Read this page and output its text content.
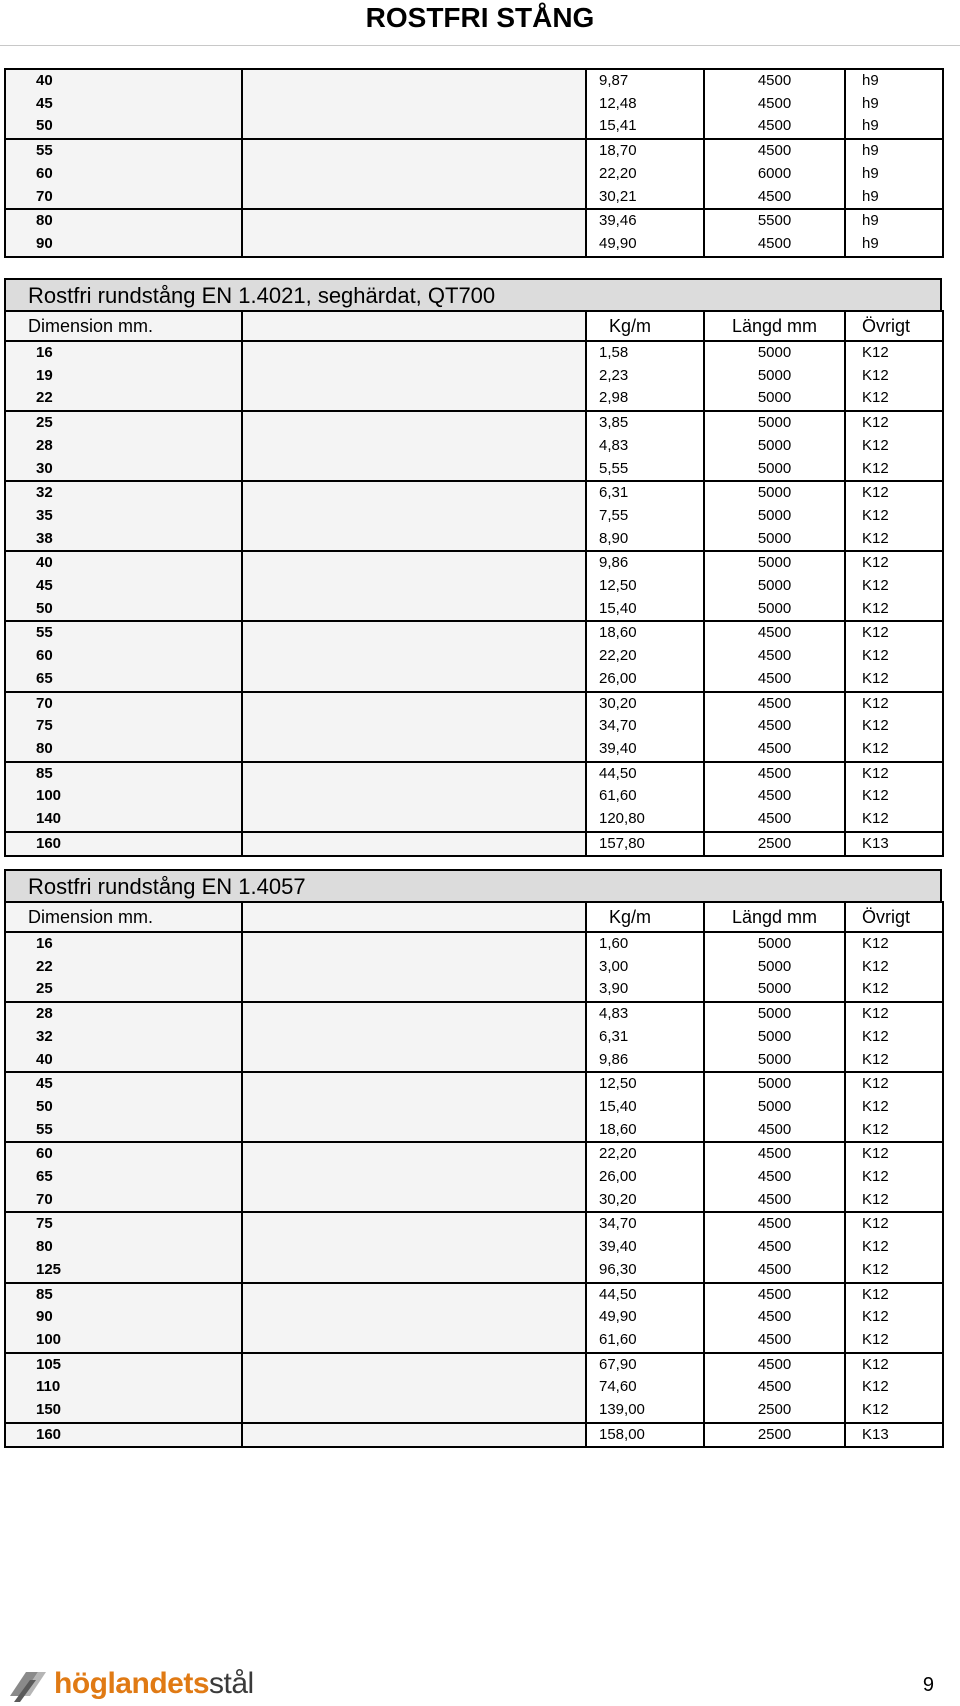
ROSTFRI STÅNG
40		9,87	4500	h9
45		12,48	4500	h9
50		15,41	4500	h9
55		18,70	4500	h9
60		22,20	6000	h9
70		30,21	4500	h9
80		39,46	5500	h9
90		49,90	4500	h9
Rostfri rundstång EN 1.4021, seghärdat, QT700
Dimension mm.		Kg/m	Längd mm	Övrigt
16		1,58	5000	K12
19		2,23	5000	K12
22		2,98	5000	K12
25		3,85	5000	K12
28		4,83	5000	K12
30		5,55	5000	K12
32		6,31	5000	K12
35		7,55	5000	K12
38		8,90	5000	K12
40		9,86	5000	K12
45		12,50	5000	K12
50		15,40	5000	K12
55		18,60	4500	K12
60		22,20	4500	K12
65		26,00	4500	K12
70		30,20	4500	K12
75		34,70	4500	K12
80		39,40	4500	K12
85		44,50	4500	K12
100		61,60	4500	K12
140		120,80	4500	K12
160		157,80	2500	K13
Rostfri rundstång EN 1.4057
Dimension mm.		Kg/m	Längd mm	Övrigt
16		1,60	5000	K12
22		3,00	5000	K12
25		3,90	5000	K12
28		4,83	5000	K12
32		6,31	5000	K12
40		9,86	5000	K12
45		12,50	5000	K12
50		15,40	5000	K12
55		18,60	4500	K12
60		22,20	4500	K12
65		26,00	4500	K12
70		30,20	4500	K12
75		34,70	4500	K12
80		39,40	4500	K12
125		96,30	4500	K12
85		44,50	4500	K12
90		49,90	4500	K12
100		61,60	4500	K12
105		67,90	4500	K12
110		74,60	4500	K12
150		139,00	2500	K12
160		158,00	2500	K13
höglandetsstål	9
